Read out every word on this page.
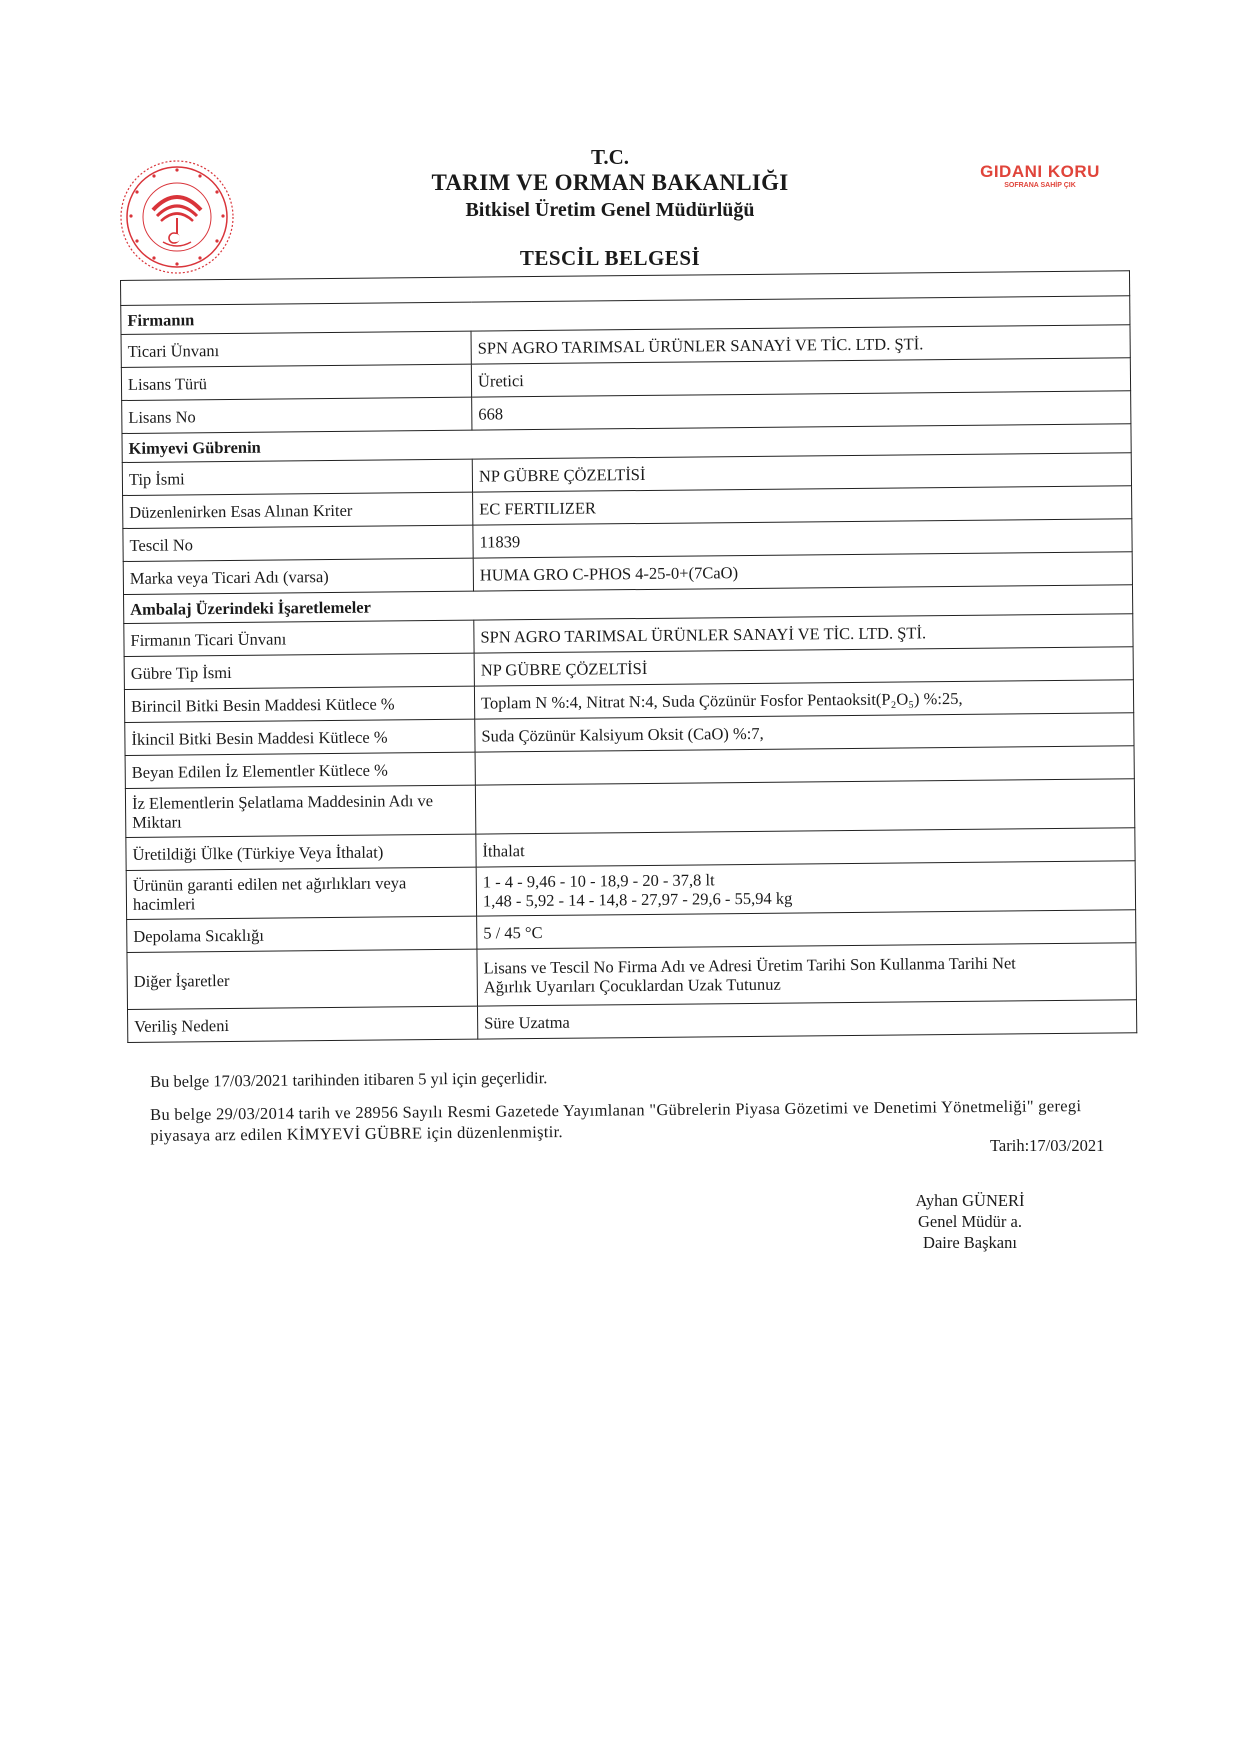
T.C.
TARIM VE ORMAN BAKANLIĞI
Bitkisel Üretim Genel Müdürlüğü
TESCİL BELGESİ
GIDANI KORU
SOFRANA SAHİP ÇIK

Firmanın	
Ticari Ünvanı	SPN AGRO TARIMSAL ÜRÜNLER SANAYİ VE TİC. LTD. ŞTİ.
Lisans Türü	Üretici
Lisans No	668
Kimyevi Gübrenin	
Tip İsmi	NP GÜBRE ÇÖZELTİSİ
Düzenlenirken Esas Alınan Kriter	EC FERTILIZER
Tescil No	11839
Marka veya Ticari Adı (varsa)	HUMA GRO C-PHOS 4-25-0+(7CaO)
Ambalaj Üzerindeki İşaretlemeler	
Firmanın Ticari Ünvanı	SPN AGRO TARIMSAL ÜRÜNLER SANAYİ VE TİC. LTD. ŞTİ.
Gübre Tip İsmi	NP GÜBRE ÇÖZELTİSİ
Birincil Bitki Besin Maddesi Kütlece %	Toplam N %:4, Nitrat N:4, Suda Çözünür Fosfor Pentaoksit(P₂O₅) %:25,
İkincil Bitki Besin Maddesi Kütlece %	Suda Çözünür Kalsiyum Oksit (CaO) %:7,
Beyan Edilen İz Elementler Kütlece %	
İz Elementlerin Şelatlama Maddesinin Adı ve Miktarı	
Üretildiği Ülke (Türkiye Veya İthalat)	İthalat
Ürünün garanti edilen net ağırlıkları veya hacimleri	1 - 4 - 9,46 - 10 - 18,9 - 20 - 37,8 lt
1,48 - 5,92 - 14 - 14,8 - 27,97 - 29,6 - 55,94 kg

Depolama Sıcaklığı	5 / 45 °C
Diğer İşaretler	Lisans ve Tescil No Firma Adı ve Adresi Üretim Tarihi Son Kullanma Tarihi Net
Ağırlık Uyarıları Çocuklardan Uzak Tutunuz

Veriliş Nedeni	Süre Uzatma
Bu belge 17/03/2021 tarihinden itibaren 5 yıl için geçerlidir.
Bu belge 29/03/2014 tarih ve 28956 Sayılı Resmi Gazetede Yayımlanan "Gübrelerin Piyasa Gözetimi ve Denetimi Yönetmeliği" geregi piyasaya arz edilen KİMYEVİ GÜBRE için düzenlenmiştir.
Tarih:17/03/2021
Ayhan GÜNERİ
Genel Müdür a.
Daire Başkanı
